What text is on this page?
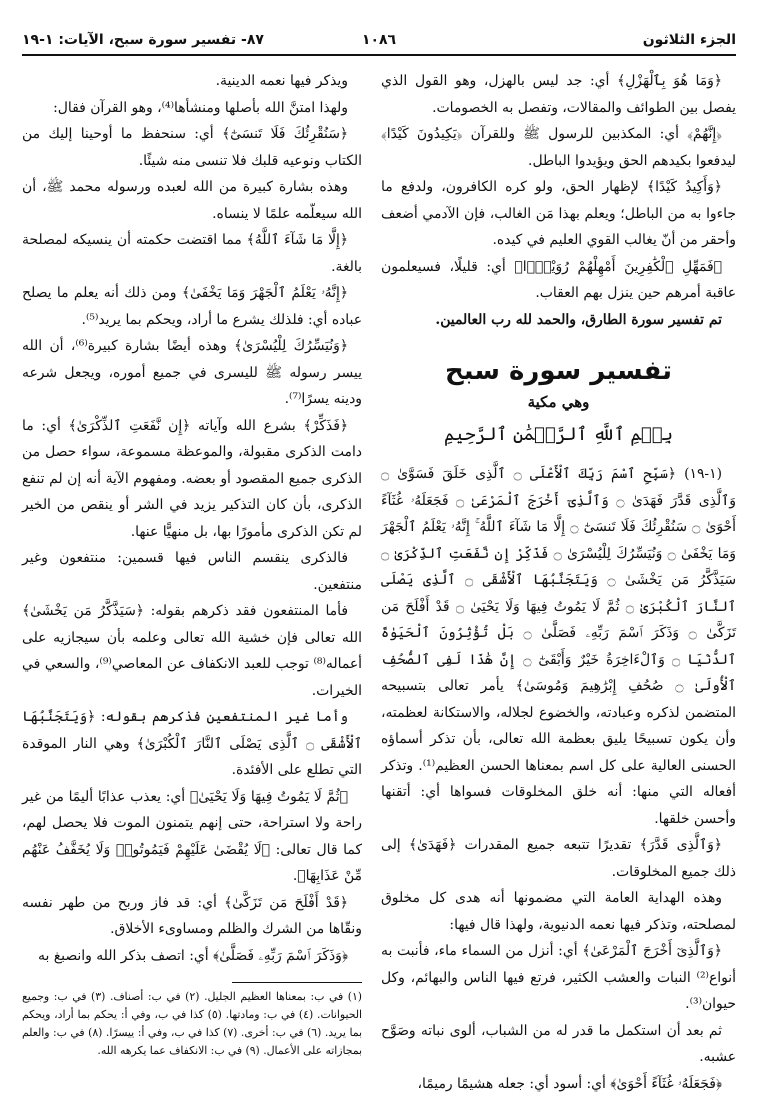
الجزء الثلاثون
١٠٨٦
٨٧- تفسير سورة سبح، الآيات: ١-١٩

﴿وَمَا هُوَ بِٱلْهَزْلِ﴾ أي: جد ليس بالهزل، وهو القول الذي يفصل بين الطوائف والمقالات، وتفصل به الخصومات.

﴿إِنَّهُمْ﴾ أي: المكذبين للرسول ﷺ وللقرآن ﴿يَكِيدُونَ كَيْدًا﴾ ليدفعوا بكيدهم الحق ويؤيدوا الباطل.

﴿وَأَكِيدُ كَيْدًا﴾ لإظهار الحق، ولو كره الكافرون، ولدفع ما جاءوا به من الباطل؛ ويعلم بهذا مَن الغالب، فإن الآدمي أضعف وأحقر من أنّ يغالب القوي العليم في كيده.

﴿فَمَهِّلِ ٱلْكَٰفِرِينَ أَمْهِلْهُمْ رُوَيْدًۢا﴾ أي: قليلًا، فسيعلمون عاقبة أمرهم حين ينزل بهم العقاب.

تم تفسير سورة الطارق، والحمد لله رب العالمين.

تفسير سورة سبح
وهي مكية
بِسۡمِ ٱللَّهِ ٱلرَّحۡمَٰنِ ٱلرَّحِيمِ

(١-١٩) ﴿سَبِّحِ ٱسْمَ رَبِّكَ ٱلْأَعْلَى ۝ ٱلَّذِى خَلَقَ فَسَوَّىٰ ۝ وَٱلَّذِى قَدَّرَ فَهَدَىٰ ۝ وَٱلَّذِىٓ أَخْرَجَ ٱلْمَرْعَىٰ ۝ فَجَعَلَهُۥ غُثَآءً أَحْوَىٰ ۝ سَنُقْرِئُكَ فَلَا تَنسَىٰٓ ۝ إِلَّا مَا شَآءَ ٱللَّهُ ۚ إِنَّهُۥ يَعْلَمُ ٱلْجَهْرَ وَمَا يَخْفَىٰ ۝ وَنُيَسِّرُكَ لِلْيُسْرَىٰ ۝ فَذَكِّرْ إِن نَّفَعَتِ ٱلذِّكْرَىٰ ۝ سَيَذَّكَّرُ مَن يَخْشَىٰ ۝ وَيَتَجَنَّبُهَا ٱلْأَشْقَى ۝ ٱلَّذِى يَصْلَى ٱلنَّارَ ٱلْكُبْرَىٰ ۝ ثُمَّ لَا يَمُوتُ فِيهَا وَلَا يَحْيَىٰ ۝ قَدْ أَفْلَحَ مَن تَزَكَّىٰ ۝ وَذَكَرَ ٱسْمَ رَبِّهِۦ فَصَلَّىٰ ۝ بَلْ تُؤْثِرُونَ ٱلْحَيَوٰةَ ٱلدُّنْيَا ۝ وَٱلْءَاخِرَةُ خَيْرٌ وَأَبْقَىٰٓ ۝ إِنَّ هَٰذَا لَفِى ٱلصُّحُفِ ٱلْأُولَىٰ ۝ صُحُفِ إِبْرَٰهِيمَ وَمُوسَىٰ﴾ يأمر تعالى بتسبيحه المتضمن لذكره وعبادته، والخضوع لجلاله، والاستكانة لعظمته، وأن يكون تسبيحًا يليق بعظمة الله تعالى، بأن تذكر أسماؤه الحسنى العالية على كل اسم بمعناها الحسن العظيم⁽¹⁾. وتذكر أفعاله التي منها: أنه خلق المخلوقات فسواها أي: أتقنها وأحسن خلقها.

﴿وَٱلَّذِى قَدَّرَ﴾ تقديرًا تتبعه جميع المقدرات ﴿فَهَدَىٰ﴾ إلى ذلك جميع المخلوقات.

وهذه الهداية العامة التي مضمونها أنه هدى كل مخلوق لمصلحته، وتذكر فيها نعمه الدنيوية، ولهذا قال فيها:

﴿وَٱلَّذِىٓ أَخْرَجَ ٱلْمَرْعَىٰ﴾ أي: أنزل من السماء ماء، فأنبت به أنواع⁽²⁾ النبات والعشب الكثير، فرتع فيها الناس والبهائم، وكل حيوان⁽³⁾.

ثم بعد أن استكمل ما قدر له من الشباب، ألوى نباته وصَوَّح عشبه.

﴿فَجَعَلَهُۥ غُثَآءً أَحْوَىٰ﴾ أي: أسود أي: جعله هشيمًا رميمًا،

ويذكر فيها نعمه الدينية.

ولهذا امتنَّ الله بأصلها ومنشأها⁽⁴⁾، وهو القرآن فقال:

﴿سَنُقْرِئُكَ فَلَا تَنسَىٰٓ﴾ أي: سنحفظ ما أوحينا إليك من الكتاب ونوعيه قلبك فلا تنسى منه شيئًا.

وهذه بشارة كبيرة من الله لعبده ورسوله محمد ﷺ، أن الله سيعلّمه علمًا لا ينساه.

﴿إِلَّا مَا شَآءَ ٱللَّهُ﴾ مما اقتضت حكمته أن ينسيكه لمصلحة بالغة.

﴿إِنَّهُۥ يَعْلَمُ ٱلْجَهْرَ وَمَا يَخْفَىٰ﴾ ومن ذلك أنه يعلم ما يصلح عباده أي: فلذلك يشرع ما أراد، ويحكم بما يريد⁽⁵⁾.

﴿وَنُيَسِّرُكَ لِلْيُسْرَىٰ﴾ وهذه أيضًا بشارة كبيرة⁽⁶⁾، أن الله ييسر رسوله ﷺ لليسرى في جميع أموره، ويجعل شرعه ودينه يسرًا⁽⁷⁾.

﴿فَذَكِّرْ﴾ بشرع الله وآياته ﴿إِن نَّفَعَتِ ٱلذِّكْرَىٰ﴾ أي: ما دامت الذكرى مقبولة، والموعظة مسموعة، سواء حصل من الذكرى جميع المقصود أو بعضه. ومفهوم الآية أنه إن لم تنفع الذكرى، بأن كان التذكير يزيد في الشر أو ينقص من الخير لم تكن الذكرى مأمورًا بها، بل منهيًّا عنها.

فالذكرى ينقسم الناس فيها قسمين: منتفعون وغير منتفعين.

فأما المنتفعون فقد ذكرهم بقوله: ﴿سَيَذَّكَّرُ مَن يَخْشَىٰ﴾ الله تعالى فإن خشية الله تعالى وعلمه بأن سيجازيه على أعماله⁽⁸⁾ توجب للعبد الانكفاف عن المعاصي⁽⁹⁾، والسعي في الخيرات.

وأما غير المنتفعين فذكرهم بقوله: ﴿وَيَتَجَنَّبُهَا ٱلْأَشْقَى ۝ ٱلَّذِى يَصْلَى ٱلنَّارَ ٱلْكُبْرَىٰ﴾ وهي النار الموقدة التي تطلع على الأفئدة.

﴿ثُمَّ لَا يَمُوتُ فِيهَا وَلَا يَحْيَىٰ﴾ أي: يعذب عذابًا أليمًا من غير راحة ولا استراحة، حتى إنهم يتمنون الموت فلا يحصل لهم، كما قال تعالى: ﴿لَا يُقْضَىٰ عَلَيْهِمْ فَيَمُوتُوا۟ وَلَا يُخَفَّفُ عَنْهُم مِّنْ عَذَابِهَا﴾.

﴿قَدْ أَفْلَحَ مَن تَزَكَّىٰ﴾ أي: قد فاز وربح من طهر نفسه ونقّاها من الشرك والظلم ومساوىء الأخلاق.

﴿وَذَكَرَ ٱسْمَ رَبِّهِۦ فَصَلَّىٰ﴾ أي: اتصف بذكر الله وانصبغ به

(١) في ب: بمعناها العظيم الجليل. (٢) في ب: أصناف. (٣) في ب: وجميع الحيوانات. (٤) في ب: ومادتها. (٥) كذا في ب، وفي أ: يحكم بما أراد، ويحكم بما يريد. (٦) في ب: أخرى. (٧) كذا في ب، وفي أ: ييسرًا. (٨) في ب: والعلم بمجازاته على الأعمال. (٩) في ب: الانكفاف عما يكرهه الله.
